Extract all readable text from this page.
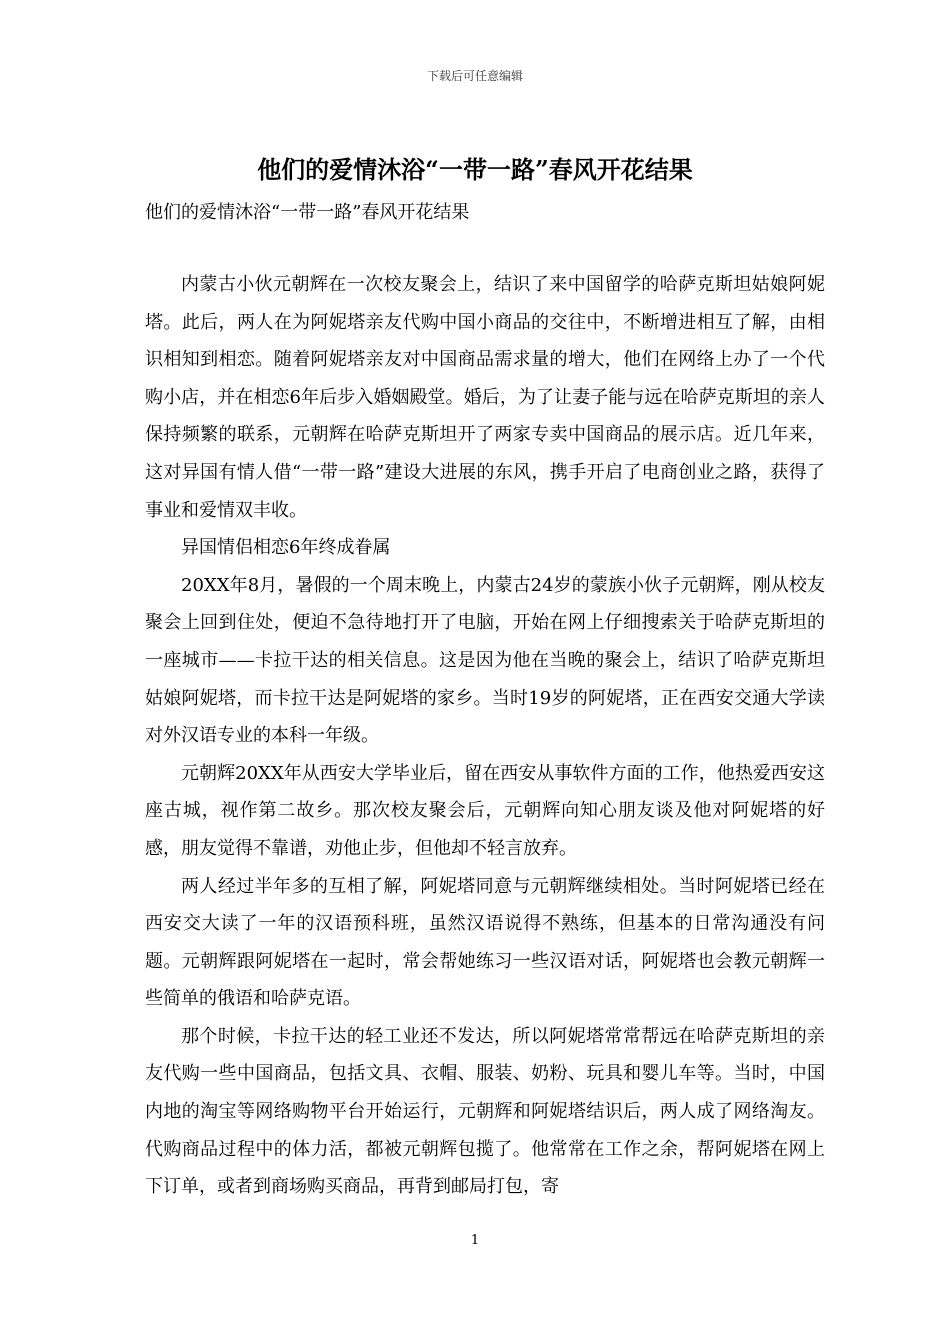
下载后可任意编辑
他们的爱情沐浴“一带一路”春风开花结果

他们的爱情沐浴“一带一路”春风开花结果

内蒙古小伙元朝辉在一次校友聚会上，结识了来中国留学的哈萨克斯坦姑娘阿妮塔。此后，两人在为阿妮塔亲友代购中国小商品的交往中，不断增进相互了解，由相识相知到相恋。随着阿妮塔亲友对中国商品需求量的增大，他们在网络上办了一个代购小店，并在相恋6年后步入婚姻殿堂。婚后，为了让妻子能与远在哈萨克斯坦的亲人保持频繁的联系，元朝辉在哈萨克斯坦开了两家专卖中国商品的展示店。近几年来，这对异国有情人借“一带一路”建设大进展的东风，携手开启了电商创业之路，获得了事业和爱情双丰收。

异国情侣相恋6年终成眷属

20XX年8月，暑假的一个周末晚上，内蒙古24岁的蒙族小伙子元朝辉，刚从校友聚会上回到住处，便迫不急待地打开了电脑，开始在网上仔细搜索关于哈萨克斯坦的一座城市——卡拉干达的相关信息。这是因为他在当晚的聚会上，结识了哈萨克斯坦姑娘阿妮塔，而卡拉干达是阿妮塔的家乡。当时19岁的阿妮塔，正在西安交通大学读对外汉语专业的本科一年级。

元朝辉20XX年从西安大学毕业后，留在西安从事软件方面的工作，他热爱西安这座古城，视作第二故乡。那次校友聚会后，元朝辉向知心朋友谈及他对阿妮塔的好感，朋友觉得不靠谱，劝他止步，但他却不轻言放弃。

两人经过半年多的互相了解，阿妮塔同意与元朝辉继续相处。当时阿妮塔已经在西安交大读了一年的汉语预科班，虽然汉语说得不熟练，但基本的日常沟通没有问题。元朝辉跟阿妮塔在一起时，常会帮她练习一些汉语对话，阿妮塔也会教元朝辉一些简单的俄语和哈萨克语。

那个时候，卡拉干达的轻工业还不发达，所以阿妮塔常常帮远在哈萨克斯坦的亲友代购一些中国商品，包括文具、衣帽、服装、奶粉、玩具和婴儿车等。当时，中国内地的淘宝等网络购物平台开始运行，元朝辉和阿妮塔结识后，两人成了网络淘友。代购商品过程中的体力活，都被元朝辉包揽了。他常常在工作之余，帮阿妮塔在网上下订单，或者到商场购买商品，再背到邮局打包，寄

1
